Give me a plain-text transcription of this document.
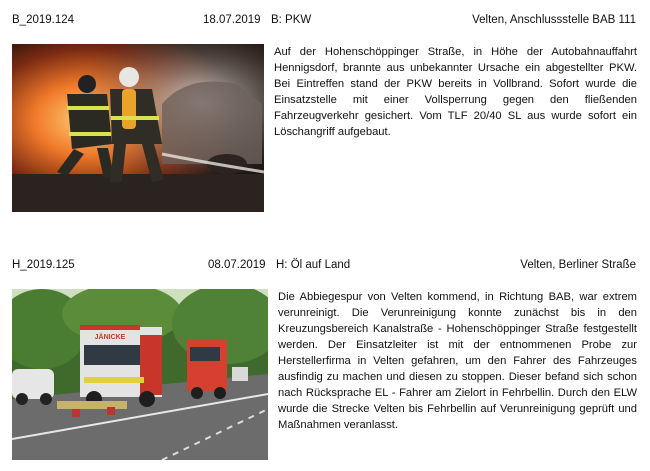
B_2019.124	18.07.2019 B: PKW	Velten, Anschlussstelle BAB 111

Auf der Hohenschöppinger Straße, in Höhe der Autobahnauffahrt Hennigsdorf, brannte aus unbekannter Ursache ein abgestellter PKW. Bei Eintreffen stand der PKW bereits in Vollbrand. Sofort wurde die Einsatzstelle mit einer Vollsperrung gegen den fließenden Fahrzeugverkehr gesichert. Vom TLF 20/40 SL aus wurde sofort ein Löschangriff aufgebaut.

H_2019.125	08.07.2019 H: Öl auf Land	Velten, Berliner Straße
JÄNICKE

Die Abbiegespur von Velten kommend, in Richtung BAB, war extrem verunreinigt. Die Verunreinigung konnte zunächst bis in den Kreuzungsbereich Kanalstraße - Hohenschöppinger Straße festgestellt werden. Der Einsatzleiter ist mit der entnommenen Probe zur Herstellerfirma in Velten gefahren, um den Fahrer des Fahrzeuges ausfindig zu machen und diesen zu stoppen. Dieser befand sich schon nach Rücksprache EL - Fahrer am Zielort in Fehrbellin. Durch den ELW wurde die Strecke Velten bis Fehrbellin auf Verunreinigung geprüft und Maßnahmen veranlasst.
